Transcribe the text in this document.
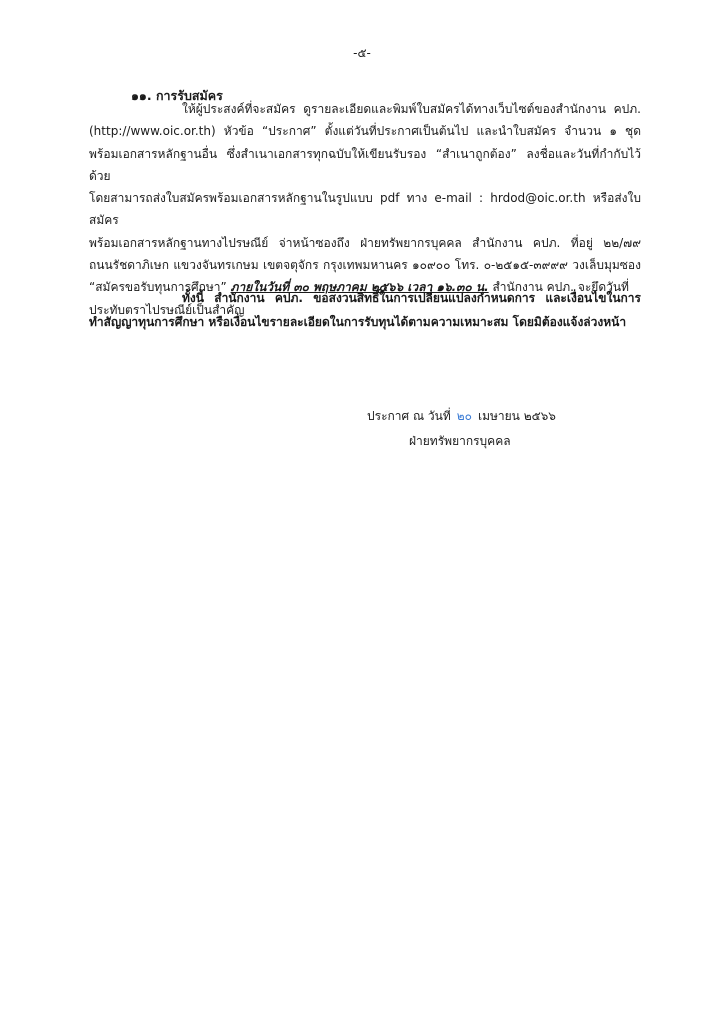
-๕-
๑๑. การรับสมัคร
ให้ผู้ประสงค์ที่จะสมัคร ดูรายละเอียดและพิมพ์ใบสมัครได้ทางเว็บไซต์ของสำนักงาน คปภ.
(http://www.oic.or.th) หัวข้อ “ประกาศ” ตั้งแต่วันที่ประกาศเป็นต้นไป และนำใบสมัคร จำนวน ๑ ชุด
พร้อมเอกสารหลักฐานอื่น ซึ่งสำเนาเอกสารทุกฉบับให้เขียนรับรอง “สำเนาถูกต้อง” ลงชื่อและวันที่กำกับไว้ด้วย
โดยสามารถส่งใบสมัครพร้อมเอกสารหลักฐานในรูปแบบ pdf ทาง e-mail : hrdod@oic.or.th หรือส่งใบสมัคร
พร้อมเอกสารหลักฐานทางไปรษณีย์ จ่าหน้าซองถึง ฝ่ายทรัพยากรบุคคล สำนักงาน คปภ. ที่อยู่ ๒๒/๗๙
ถนนรัชดาภิเษก แขวงจันทรเกษม เขตจตุจักร กรุงเทพมหานคร ๑๐๙๐๐ โทร. ๐-๒๕๑๕-๓๙๙๙ วงเล็บมุมซอง
“สมัครขอรับทุนการศึกษา” ภายในวันที่ ๓๐ พฤษภาคม ๒๕๖๖ เวลา ๑๖.๓๐ น. สำนักงาน คปภ. จะยึดวันที่
ประทับตราไปรษณีย์เป็นสำคัญ
ทั้งนี้ สำนักงาน คปภ. ขอสงวนสิทธิ์ในการเปลี่ยนแปลงกำหนดการ และเงื่อนไขในการ
ทำสัญญาทุนการศึกษา หรือเงื่อนไขรายละเอียดในการรับทุนได้ตามความเหมาะสม โดยมิต้องแจ้งล่วงหน้า
ประกาศ ณ วันที่ ๒๐ เมษายน ๒๕๖๖
ฝ่ายทรัพยากรบุคคล
